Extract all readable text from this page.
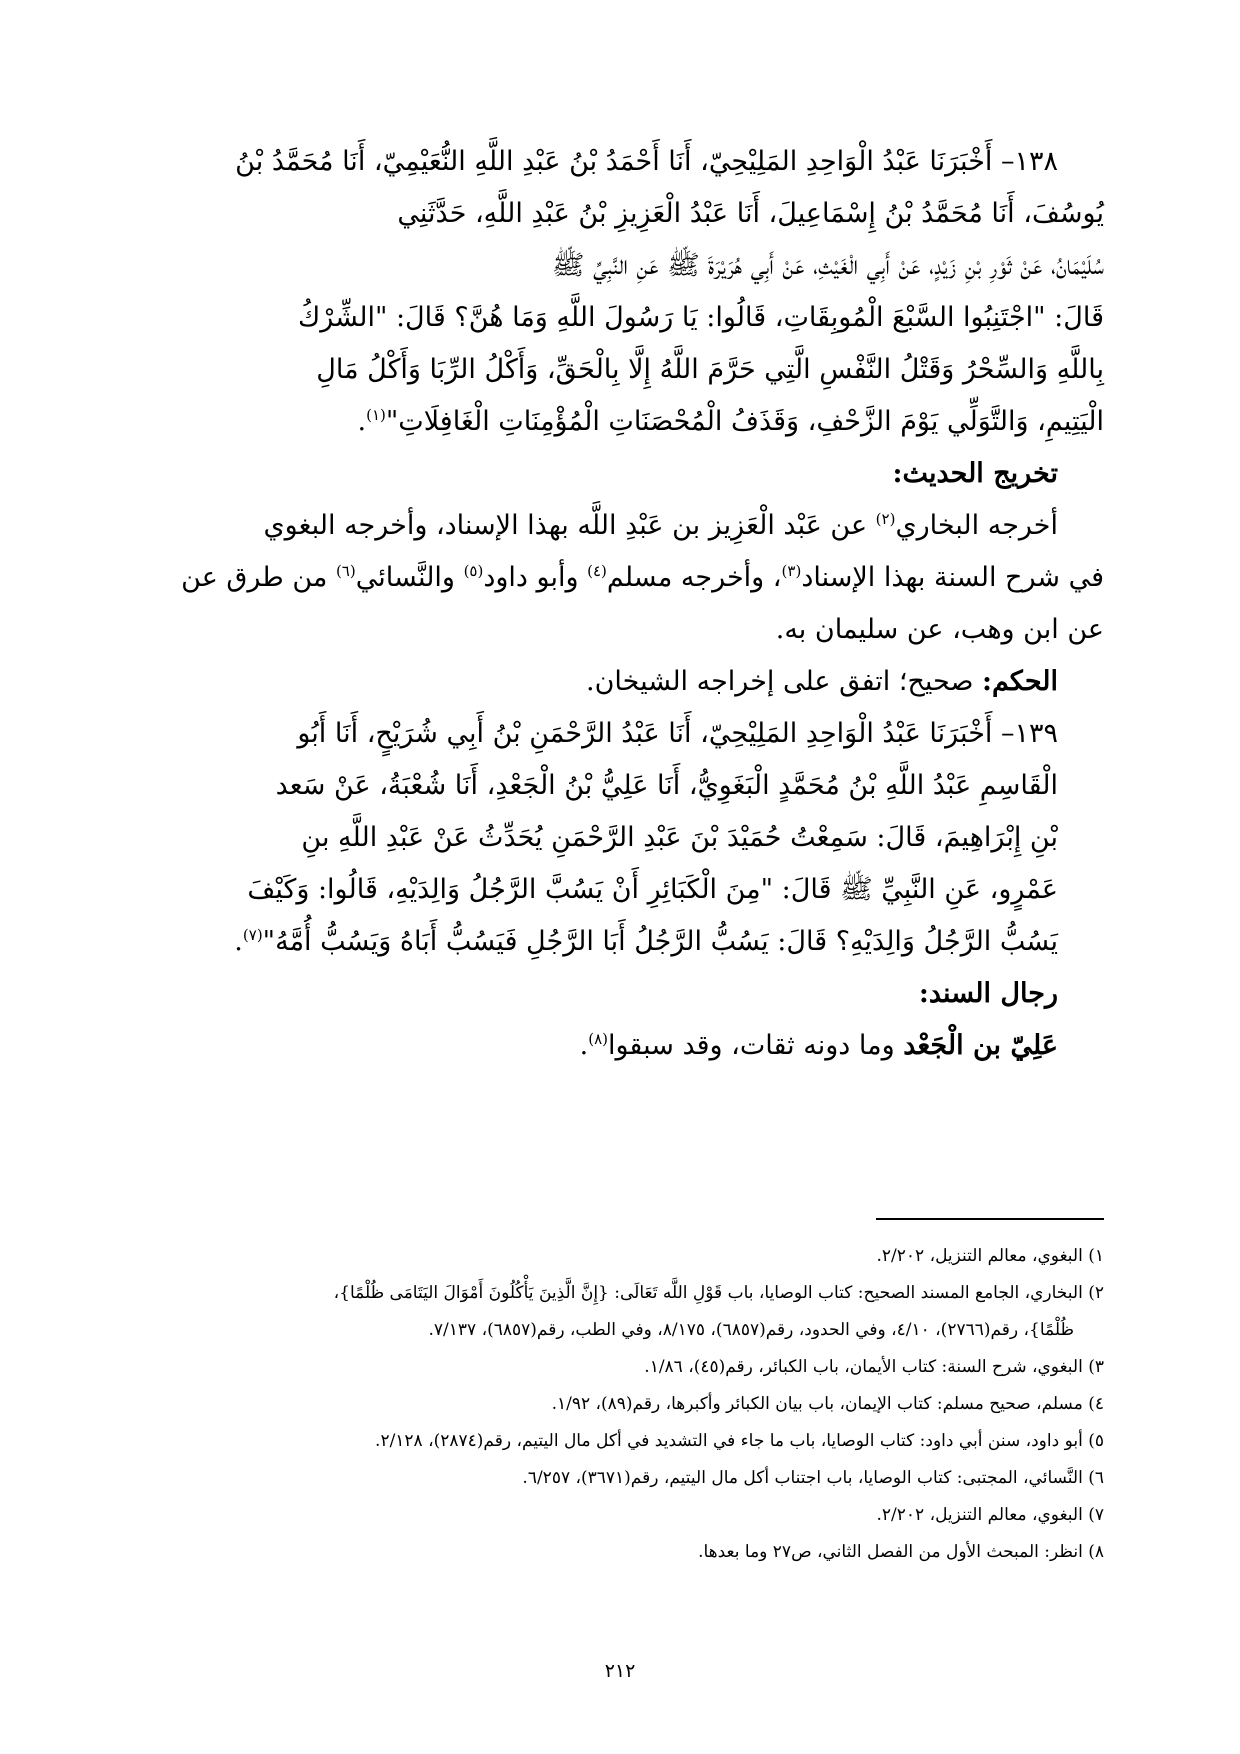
١٣٨– أَخْبَرَنَا عَبْدُ الْوَاحِدِ المَلِيْحِيّ، أَنَا أَحْمَدُ بْنُ عَبْدِ اللَّهِ النُّعَيْمِيّ، أَنَا مُحَمَّدُ بْنُ
يُوسُفَ، أَنَا مُحَمَّدُ بْنُ إِسْمَاعِيلَ، أَنَا عَبْدُ الْعَزِيزِ بْنُ عَبْدِ اللَّهِ، حَدَّثَنِي
سُلَيْمَانُ، عَنْ ثَوْرِ بْنِ زَيْدٍ، عَنْ أَبِي الْغَيْثِ، عَنْ أَبِي هُرَيْرَةَ ﷺ عَنِ النَّبِيِّ ﷺ
قَالَ: "اجْتَنِبُوا السَّبْعَ الْمُوبِقَاتِ، قَالُوا: يَا رَسُولَ اللَّهِ وَمَا هُنَّ؟ قَالَ: "الشِّرْكُ
بِاللَّهِ وَالسِّحْرُ وَقَتْلُ النَّفْسِ الَّتِي حَرَّمَ اللَّهُ إِلَّا بِالْحَقِّ، وَأَكْلُ الرِّبَا وَأَكْلُ مَالِ
الْيَتِيمِ، وَالتَّوَلِّي يَوْمَ الزَّحْفِ، وَقَذَفُ الْمُحْصَنَاتِ الْمُؤْمِنَاتِ الْغَافِلَاتِ"$^{(١)}$.
تخريج الحديث:
أخرجه البخاري$^{(٢)}$ عن عَبْد الْعَزِيز بن عَبْدِ اللَّه بهذا الإسناد، وأخرجه البغوي
في شرح السنة بهذا الإسناد$^{(٣)}$، وأخرجه مسلم$^{(٤)}$ وأبو داود$^{(٥)}$ والنَّسائي$^{(٦)}$ من طرق عن
عن ابن وهب، عن سليمان به.
الحكم: صحيح؛ اتفق على إخراجه الشيخان.
١٣٩– أَخْبَرَنَا عَبْدُ الْوَاحِدِ المَلِيْحِيّ، أَنَا عَبْدُ الرَّحْمَنِ بْنُ أَبِي شُرَيْحٍ، أَنَا أَبُو
الْقَاسِمِ عَبْدُ اللَّهِ بْنُ مُحَمَّدٍ الْبَغَوِيُّ، أَنَا عَلِيُّ بْنُ الْجَعْدِ، أَنَا شُعْبَةُ، عَنْ سَعد
بْنِ إِبْرَاهِيمَ، قَالَ: سَمِعْتُ حُمَيْدَ بْنَ عَبْدِ الرَّحْمَنِ يُحَدِّثُ عَنْ عَبْدِ اللَّهِ بنِ
عَمْرٍو، عَنِ النَّبِيِّ ﷺ قَالَ: "مِنَ الْكَبَائِرِ أَنْ يَسُبَّ الرَّجُلُ وَالِدَيْهِ، قَالُوا: وَكَيْفَ
يَسُبُّ الرَّجُلُ وَالِدَيْهِ؟ قَالَ: يَسُبُّ الرَّجُلُ أَبَا الرَّجُلِ فَيَسُبُّ أَبَاهُ وَيَسُبُّ أُمَّهُ"$^{(٧)}$.
رجال السند:
عَلِيّ بن الْجَعْد وما دونه ثقات، وقد سبقوا$^{(٨)}$.
١) البغوي، معالم التنزيل، ٢/٢٠٢.
٢) البخاري، الجامع المسند الصحيح: كتاب الوصايا، باب قَوْلِ اللَّه تَعَالَى: {إِنَّ الَّذِينَ يَأْكُلُونَ أَمْوَالَ اليَتَامَى ظُلْمًا}،
ظُلْمًا}، رقم(٢٧٦٦)، ٤/١٠، وفي الحدود، رقم(٦٨٥٧)، ٨/١٧٥، وفي الطب، رقم(٦٨٥٧)، ٧/١٣٧.
٣) البغوي، شرح السنة: كتاب الأيمان، باب الكبائر، رقم(٤٥)، ١/٨٦.
٤) مسلم، صحيح مسلم: كتاب الإيمان، باب بيان الكبائر وأكبرها، رقم(٨٩)، ١/٩٢.
٥) أبو داود، سنن أبي داود: كتاب الوصايا، باب ما جاء في التشديد في أكل مال اليتيم، رقم(٢٨٧٤)، ٢/١٢٨.
٦) النَّسائي، المجتبى: كتاب الوصايا، باب اجتناب أكل مال اليتيم، رقم(٣٦٧١)، ٦/٢٥٧.
٧) البغوي، معالم التنزيل، ٢/٢٠٢.
٨) انظر: المبحث الأول من الفصل الثاني، ص٢٧ وما بعدها.
٢١٢
